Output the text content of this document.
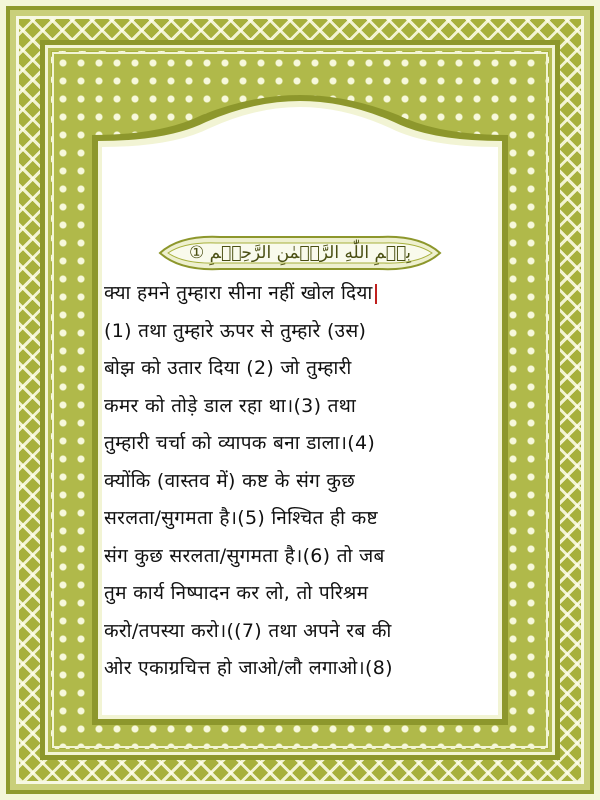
بِسۡمِ اللّٰهِ الرَّحۡمٰنِ الرَّحِيۡمِ ①
क्या हमने तुम्हारा सीना नहीं खोल दिया
(1) तथा तुम्हारे ऊपर से तुम्हारे (उस)
बोझ को उतार दिया (2) जो तुम्हारी
कमर को तोड़े डाल रहा था।(3) तथा
तुम्हारी चर्चा को व्यापक बना डाला।(4)
क्योंकि (वास्तव में) कष्ट के संग कुछ
सरलता/सुगमता है।(5) निश्चित ही कष्ट
संग कुछ सरलता/सुगमता है।(6) तो जब
तुम कार्य निष्पादन कर लो, तो परिश्रम
करो/तपस्या करो।((7) तथा अपने रब की
ओर एकाग्रचित्त हो जाओ/लौ लगाओ।(8)
